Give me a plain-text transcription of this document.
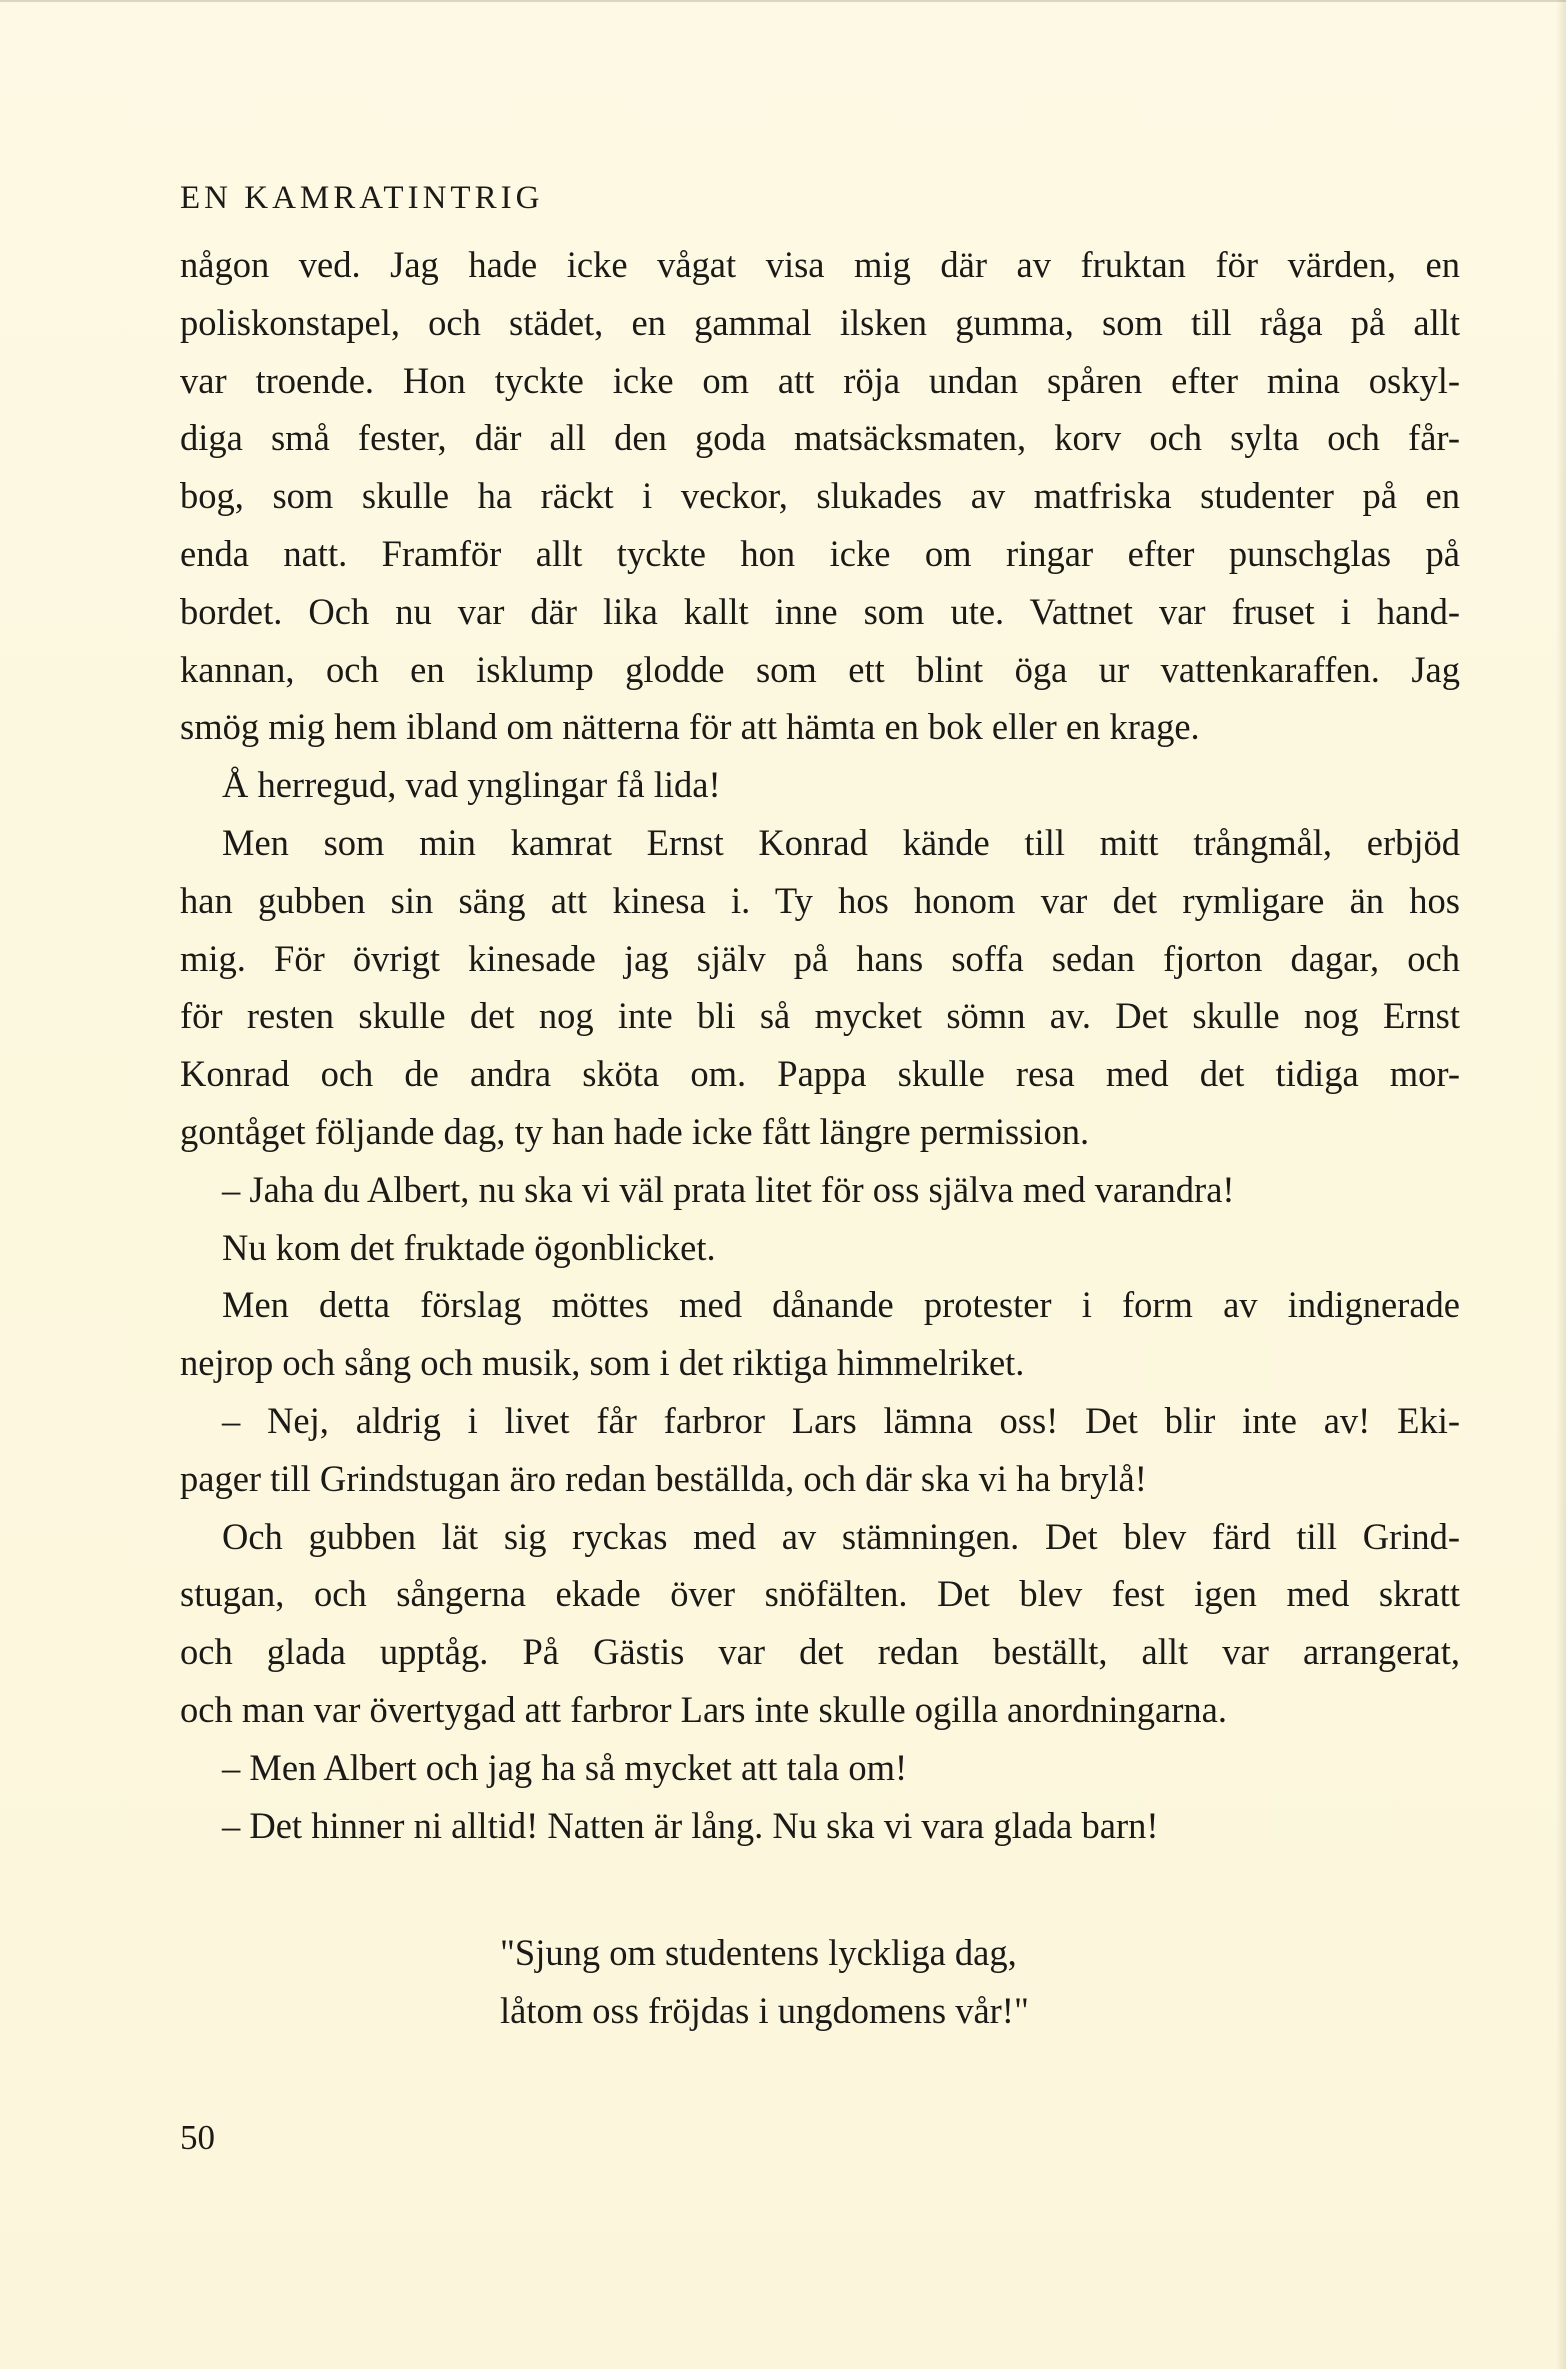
EN KAMRATINTRIG
någon ved. Jag hade icke vågat visa mig där av fruktan för värden, en
poliskonstapel, och städet, en gammal ilsken gumma, som till råga på allt
var troende. Hon tyckte icke om att röja undan spåren efter mina oskyl-
diga små fester, där all den goda matsäcksmaten, korv och sylta och får-
bog, som skulle ha räckt i veckor, slukades av matfriska studenter på en
enda natt. Framför allt tyckte hon icke om ringar efter punschglas på
bordet. Och nu var där lika kallt inne som ute. Vattnet var fruset i hand-
kannan, och en isklump glodde som ett blint öga ur vattenkaraffen. Jag
smög mig hem ibland om nätterna för att hämta en bok eller en krage.
Å herregud, vad ynglingar få lida!
Men som min kamrat Ernst Konrad kände till mitt trångmål, erbjöd
han gubben sin säng att kinesa i. Ty hos honom var det rymligare än hos
mig. För övrigt kinesade jag själv på hans soffa sedan fjorton dagar, och
för resten skulle det nog inte bli så mycket sömn av. Det skulle nog Ernst
Konrad och de andra sköta om. Pappa skulle resa med det tidiga mor-
gontåget följande dag, ty han hade icke fått längre permission.
– Jaha du Albert, nu ska vi väl prata litet för oss själva med varandra!
Nu kom det fruktade ögonblicket.
Men detta förslag möttes med dånande protester i form av indignerade
nejrop och sång och musik, som i det riktiga himmelriket.
– Nej, aldrig i livet får farbror Lars lämna oss! Det blir inte av! Eki-
pager till Grindstugan äro redan beställda, och där ska vi ha brylå!
Och gubben lät sig ryckas med av stämningen. Det blev färd till Grind-
stugan, och sångerna ekade över snöfälten. Det blev fest igen med skratt
och glada upptåg. På Gästis var det redan beställt, allt var arrangerat,
och man var övertygad att farbror Lars inte skulle ogilla anordningarna.
– Men Albert och jag ha så mycket att tala om!
– Det hinner ni alltid! Natten är lång. Nu ska vi vara glada barn!
"Sjung om studentens lyckliga dag,
låtom oss fröjdas i ungdomens vår!"
50
